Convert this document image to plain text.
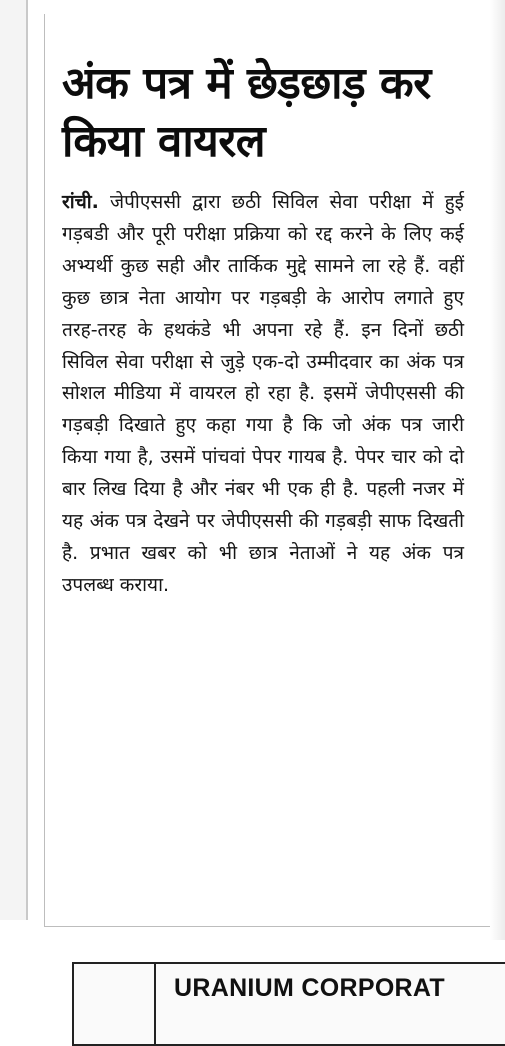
अंक पत्र में छेड़छाड़ कर किया वायरल

रांची. जेपीएससी द्वारा छठी सिविल सेवा परीक्षा में हुई गड़बडी और पूरी परीक्षा प्रक्रिया को रद्द करने के लिए कई अभ्यर्थी कुछ सही और तार्किक मुद्दे सामने ला रहे हैं. वहीं कुछ छात्र नेता आयोग पर गड़बड़ी के आरोप लगाते हुए तरह-तरह के हथकंडे भी अपना रहे हैं. इन दिनों छठी सिविल सेवा परीक्षा से जुड़े एक-दो उम्मीदवार का अंक पत्र सोशल मीडिया में वायरल हो रहा है. इसमें जेपीएससी की गड़बड़ी दिखाते हुए कहा गया है कि जो अंक पत्र जारी किया गया है, उसमें पांचवां पेपर गायब है. पेपर चार को दो बार लिख दिया है और नंबर भी एक ही है. पहली नजर में यह अंक पत्र देखने पर जेपीएससी की गड़बड़ी साफ दिखती है. प्रभात खबर को भी छात्र नेताओं ने यह अंक पत्र उपलब्ध कराया.

URANIUM CORPORAT
